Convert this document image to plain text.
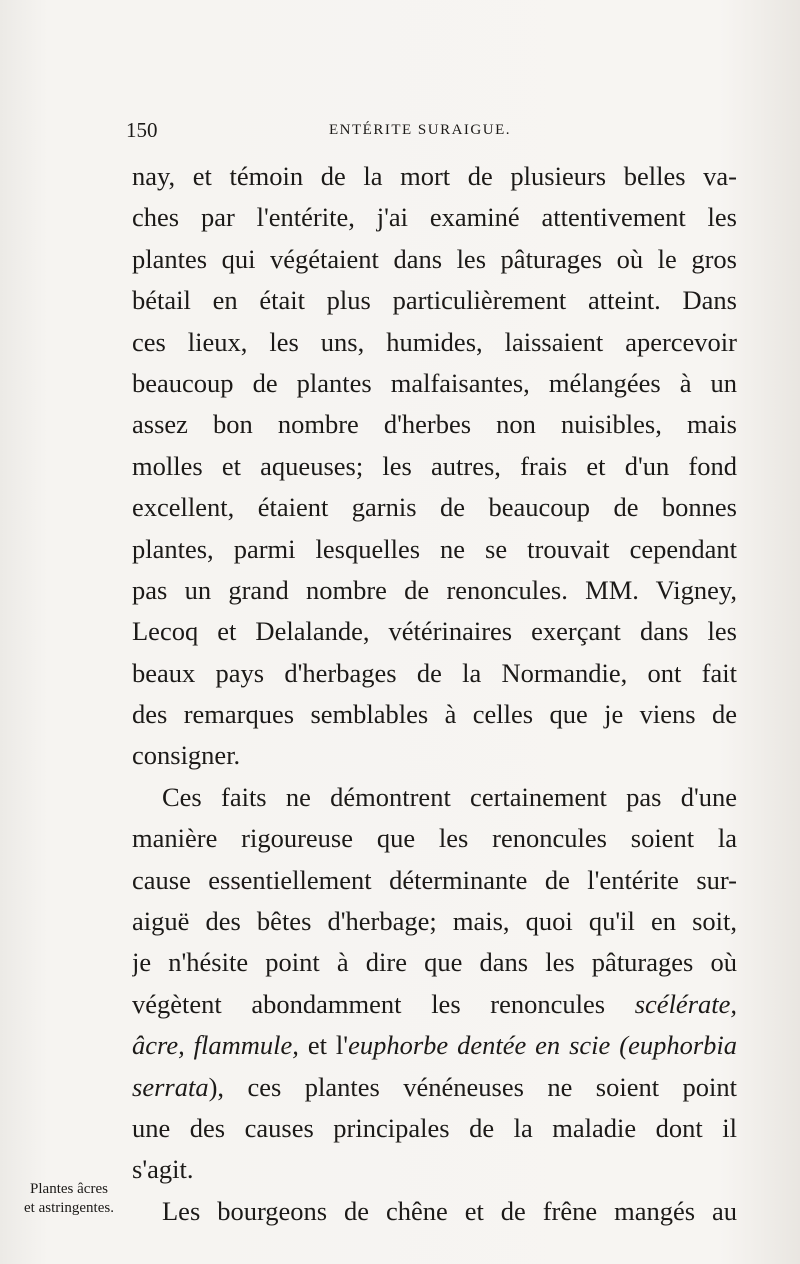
150	ENTÉRITE SURAIGUE.
nay, et témoin de la mort de plusieurs belles va-
ches par l'entérite, j'ai examiné attentivement les
plantes qui végétaient dans les pâturages où le gros
bétail en était plus particulièrement atteint. Dans
ces lieux, les uns, humides, laissaient apercevoir
beaucoup de plantes malfaisantes, mélangées à un
assez bon nombre d'herbes non nuisibles, mais
molles et aqueuses; les autres, frais et d'un fond
excellent, étaient garnis de beaucoup de bonnes
plantes, parmi lesquelles ne se trouvait cependant
pas un grand nombre de renoncules. MM. Vigney,
Lecoq et Delalande, vétérinaires exerçant dans les
beaux pays d'herbages de la Normandie, ont fait
des remarques semblables à celles que je viens de
consigner.
Ces faits ne démontrent certainement pas d'une
manière rigoureuse que les renoncules soient la
cause essentiellement déterminante de l'entérite sur-
aiguë des bêtes d'herbage; mais, quoi qu'il en soit,
je n'hésite point à dire que dans les pâturages où
végètent abondamment les renoncules scélérate,
âcre, flammule, et l'euphorbe dentée en scie (euphorbia
serrata), ces plantes vénéneuses ne soient point
une des causes principales de la maladie dont il
s'agit.
Les bourgeons de chêne et de frêne mangés au
Plantes âcres
et astringentes.
